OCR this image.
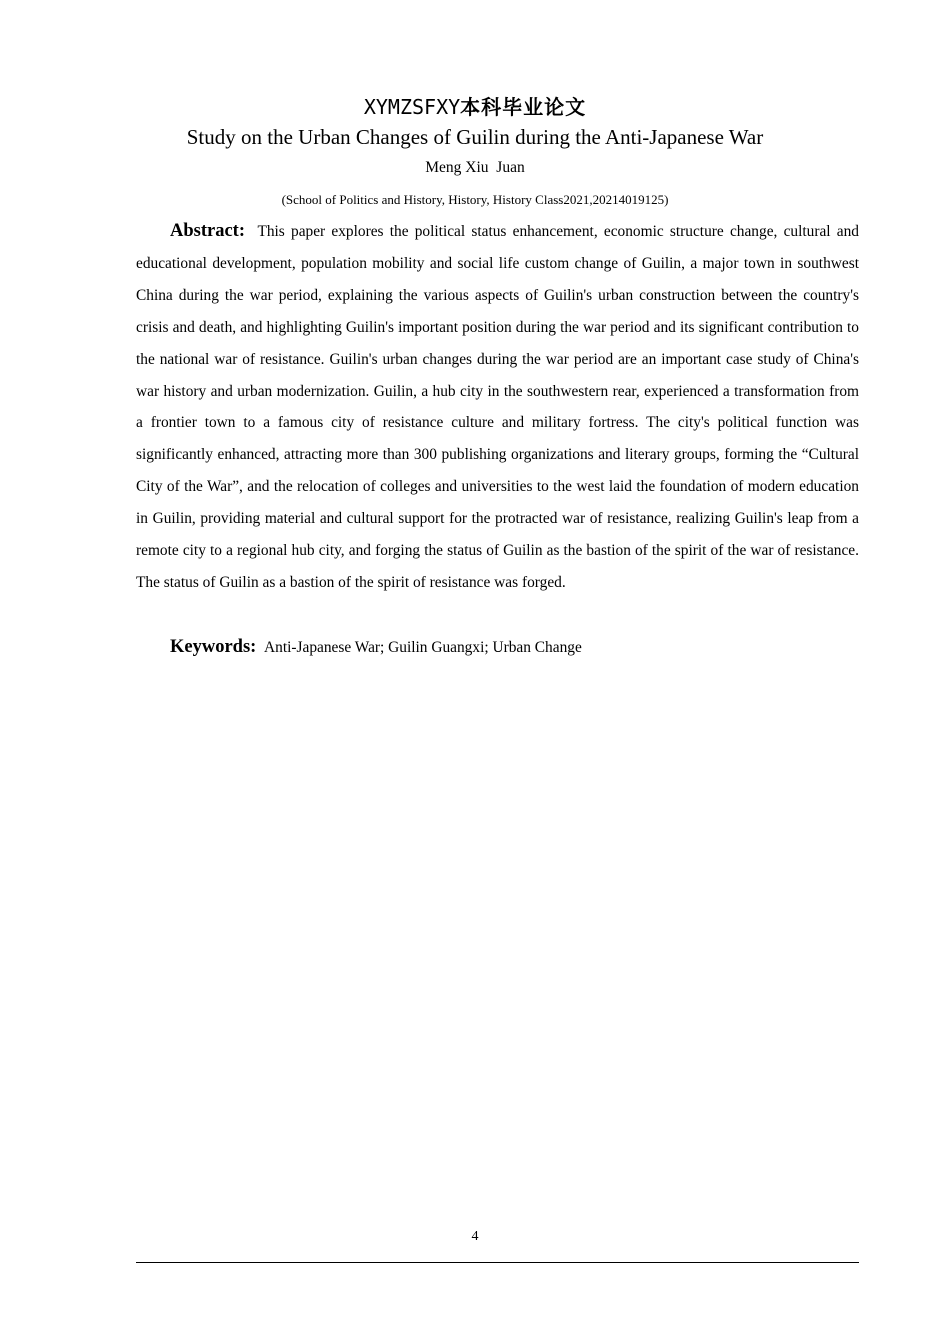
XYMZSFXY本科毕业论文
Study on the Urban Changes of Guilin during the Anti-Japanese War
Meng Xiu  Juan
(School of Politics and History, History, History Class2021,20214019125)

Abstract: This paper explores the political status enhancement, economic structure change, cultural and educational development, population mobility and social life custom change of Guilin, a major town in southwest China during the war period, explaining the various aspects of Guilin's urban construction between the country's crisis and death, and highlighting Guilin's important position during the war period and its significant contribution to the national war of resistance. Guilin's urban changes during the war period are an important case study of China's war history and urban modernization. Guilin, a hub city in the southwestern rear, experienced a transformation from a frontier town to a famous city of resistance culture and military fortress. The city's political function was significantly enhanced, attracting more than 300 publishing organizations and literary groups, forming the “Cultural City of the War”, and the relocation of colleges and universities to the west laid the foundation of modern education in Guilin, providing material and cultural support for the protracted war of resistance, realizing Guilin's leap from a remote city to a regional hub city, and forging the status of Guilin as the bastion of the spirit of the war of resistance. The status of Guilin as a bastion of the spirit of resistance was forged.

Keywords: Anti-Japanese War; Guilin Guangxi; Urban Change

4
